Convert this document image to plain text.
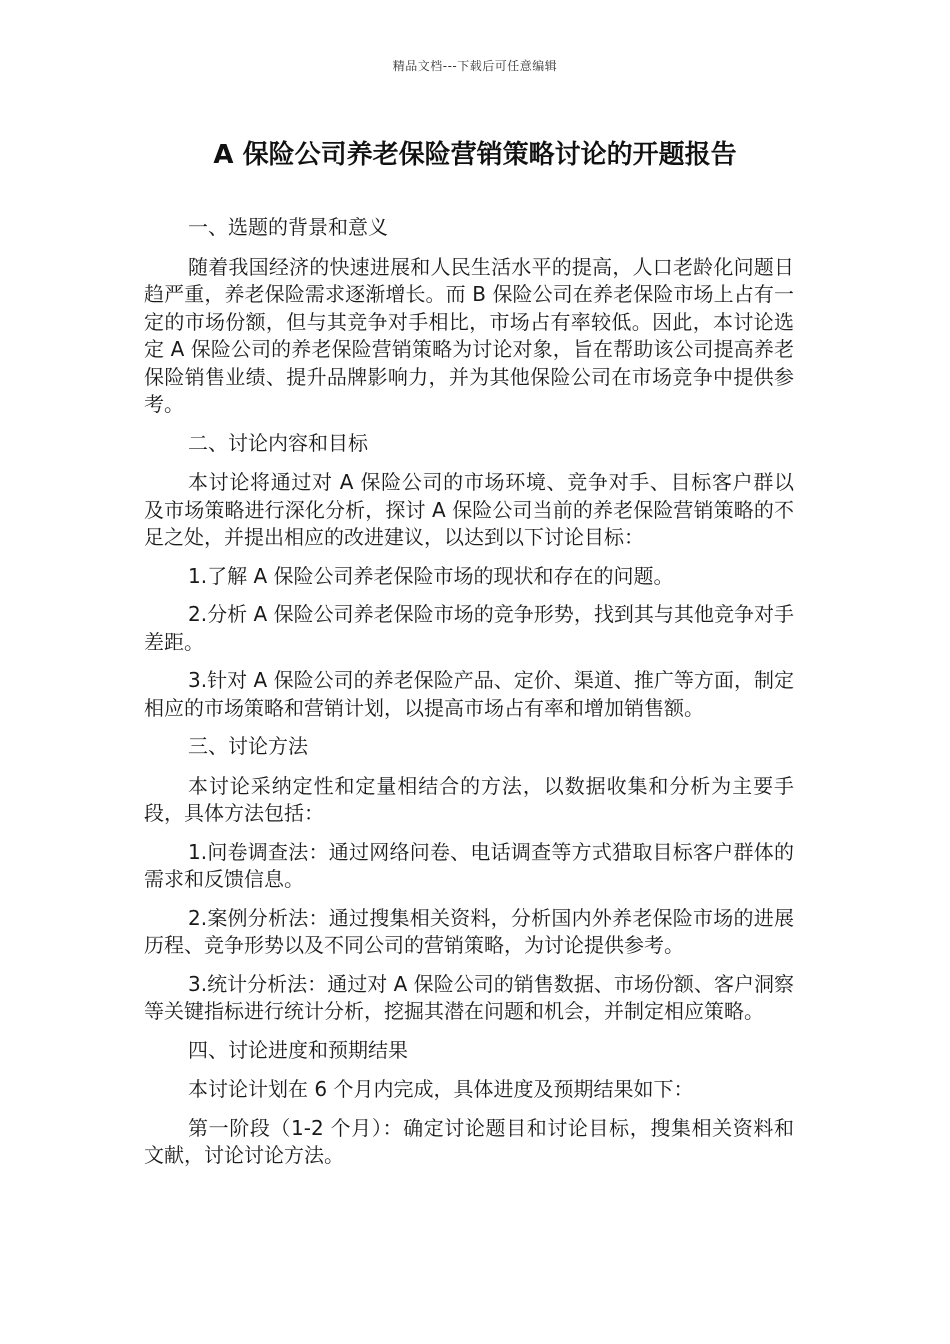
精品文档---下载后可任意编辑
A 保险公司养老保险营销策略讨论的开题报告

一、选题的背景和意义

随着我国经济的快速进展和人民生活水平的提高，人口老龄化问题日趋严重，养老保险需求逐渐增长。而 B 保险公司在养老保险市场上占有一定的市场份额，但与其竞争对手相比，市场占有率较低。因此，本讨论选定 A 保险公司的养老保险营销策略为讨论对象，旨在帮助该公司提高养老保险销售业绩、提升品牌影响力，并为其他保险公司在市场竞争中提供参考。

二、讨论内容和目标

本讨论将通过对 A 保险公司的市场环境、竞争对手、目标客户群以及市场策略进行深化分析，探讨 A 保险公司当前的养老保险营销策略的不足之处，并提出相应的改进建议，以达到以下讨论目标：

1.了解 A 保险公司养老保险市场的现状和存在的问题。

2.分析 A 保险公司养老保险市场的竞争形势，找到其与其他竞争对手差距。

3.针对 A 保险公司的养老保险产品、定价、渠道、推广等方面，制定相应的市场策略和营销计划，以提高市场占有率和增加销售额。

三、讨论方法

本讨论采纳定性和定量相结合的方法，以数据收集和分析为主要手段，具体方法包括：

1.问卷调查法：通过网络问卷、电话调查等方式猎取目标客户群体的需求和反馈信息。

2.案例分析法：通过搜集相关资料，分析国内外养老保险市场的进展历程、竞争形势以及不同公司的营销策略，为讨论提供参考。

3.统计分析法：通过对 A 保险公司的销售数据、市场份额、客户洞察等关键指标进行统计分析，挖掘其潜在问题和机会，并制定相应策略。

四、讨论进度和预期结果

本讨论计划在 6 个月内完成，具体进度及预期结果如下：

第一阶段（1-2 个月）：确定讨论题目和讨论目标，搜集相关资料和文献，讨论讨论方法。
